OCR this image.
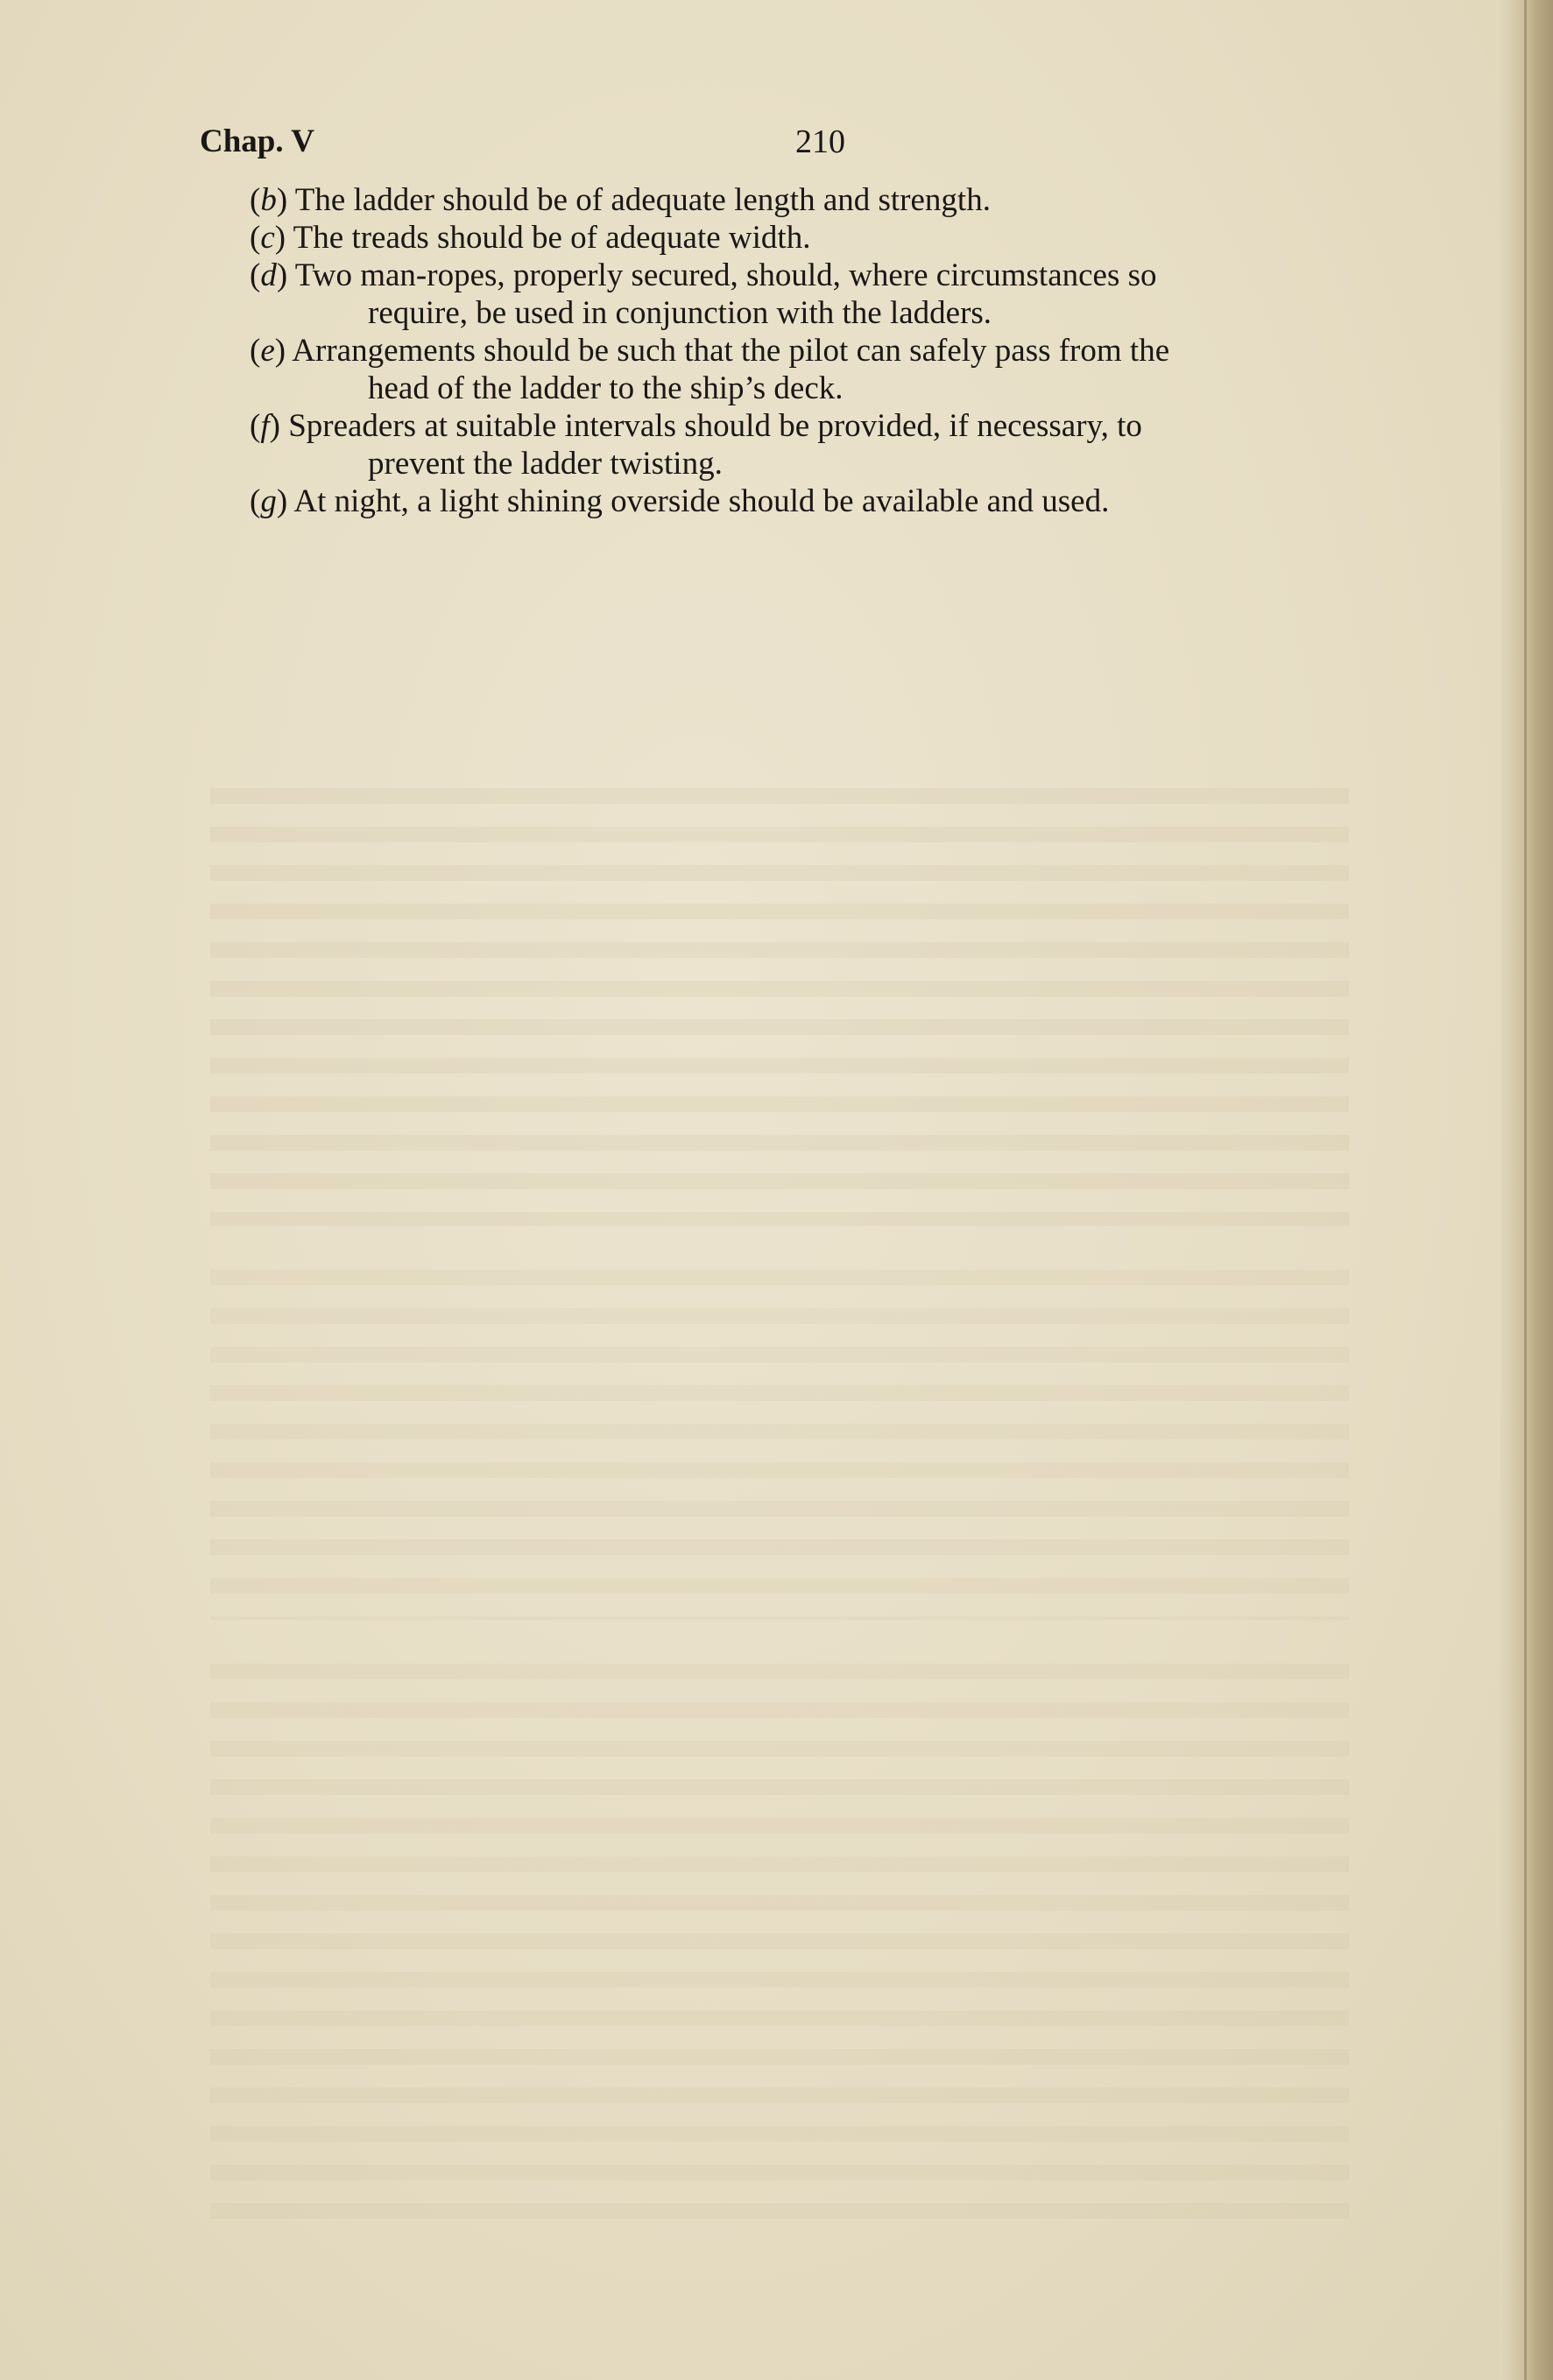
Chap. V	210

(b) The ladder should be of adequate length and strength.

(c) The treads should be of adequate width.

(d) Two man-ropes, properly secured, should, where circumstances so
require, be used in conjunction with the ladders.

(e) Arrangements should be such that the pilot can safely pass from the
head of the ladder to the ship’s deck.

(f) Spreaders at suitable intervals should be provided, if necessary, to
prevent the ladder twisting.

(g) At night, a light shining overside should be available and used.
